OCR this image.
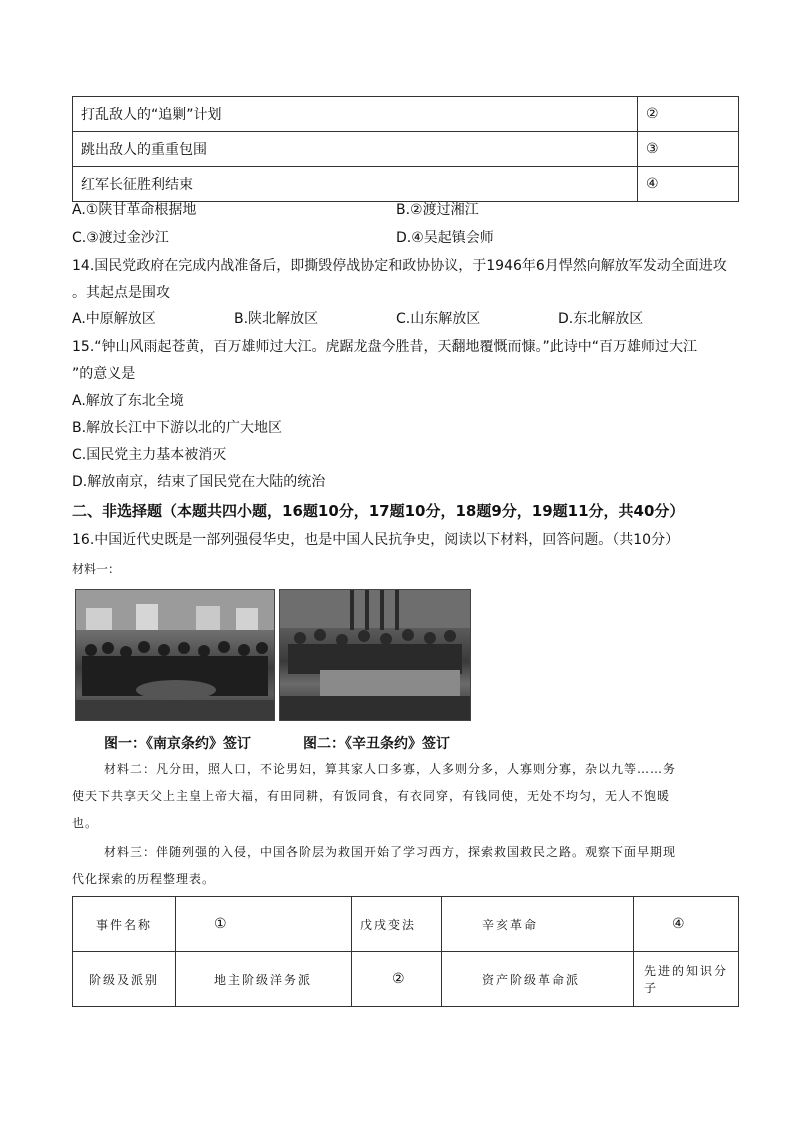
打乱敌人的“追剿”计划	②
跳出敌人的重重包围	③
红军长征胜利结束	④
A.①陕甘革命根据地	B.②渡过湘江
C.③渡过金沙江	D.④吴起镇会师
14.国民党政府在完成内战准备后，即撕毁停战协定和政协协议，于1946年6月悍然向解放军发动全面进攻
。其起点是围攻
A.中原解放区	B.陕北解放区	C.山东解放区	D.东北解放区
15.“钟山风雨起苍黄，百万雄师过大江。虎踞龙盘今胜昔，天翻地覆慨而慷。”此诗中“百万雄师过大江
”的意义是
A.解放了东北全境
B.解放长江中下游以北的广大地区
C.国民党主力基本被消灭
D.解放南京，结束了国民党在大陆的统治
二、非选择题（本题共四小题，16题10分，17题10分，18题9分，19题11分，共40分）
16.中国近代史既是一部列强侵华史，也是中国人民抗争史，阅读以下材料，回答问题。（共10分）
材料一：
图一：《南京条约》签订	图二：《辛丑条约》签订
材料二：凡分田，照人口，不论男妇，算其家人口多寡，人多则分多，人寡则分寡，杂以九等……务
使天下共享天父上主皇上帝大福，有田同耕，有饭同食，有衣同穿，有钱同使，无处不均匀，无人不饱暖
也。
材料三：伴随列强的入侵，中国各阶层为救国开始了学习西方，探索救国救民之路。观察下面早期现
代化探索的历程整理表。
事件名称	①	戊戌变法	辛亥革命	④
阶级及派别	地主阶级洋务派	②	资产阶级革命派	先进的知识分子
